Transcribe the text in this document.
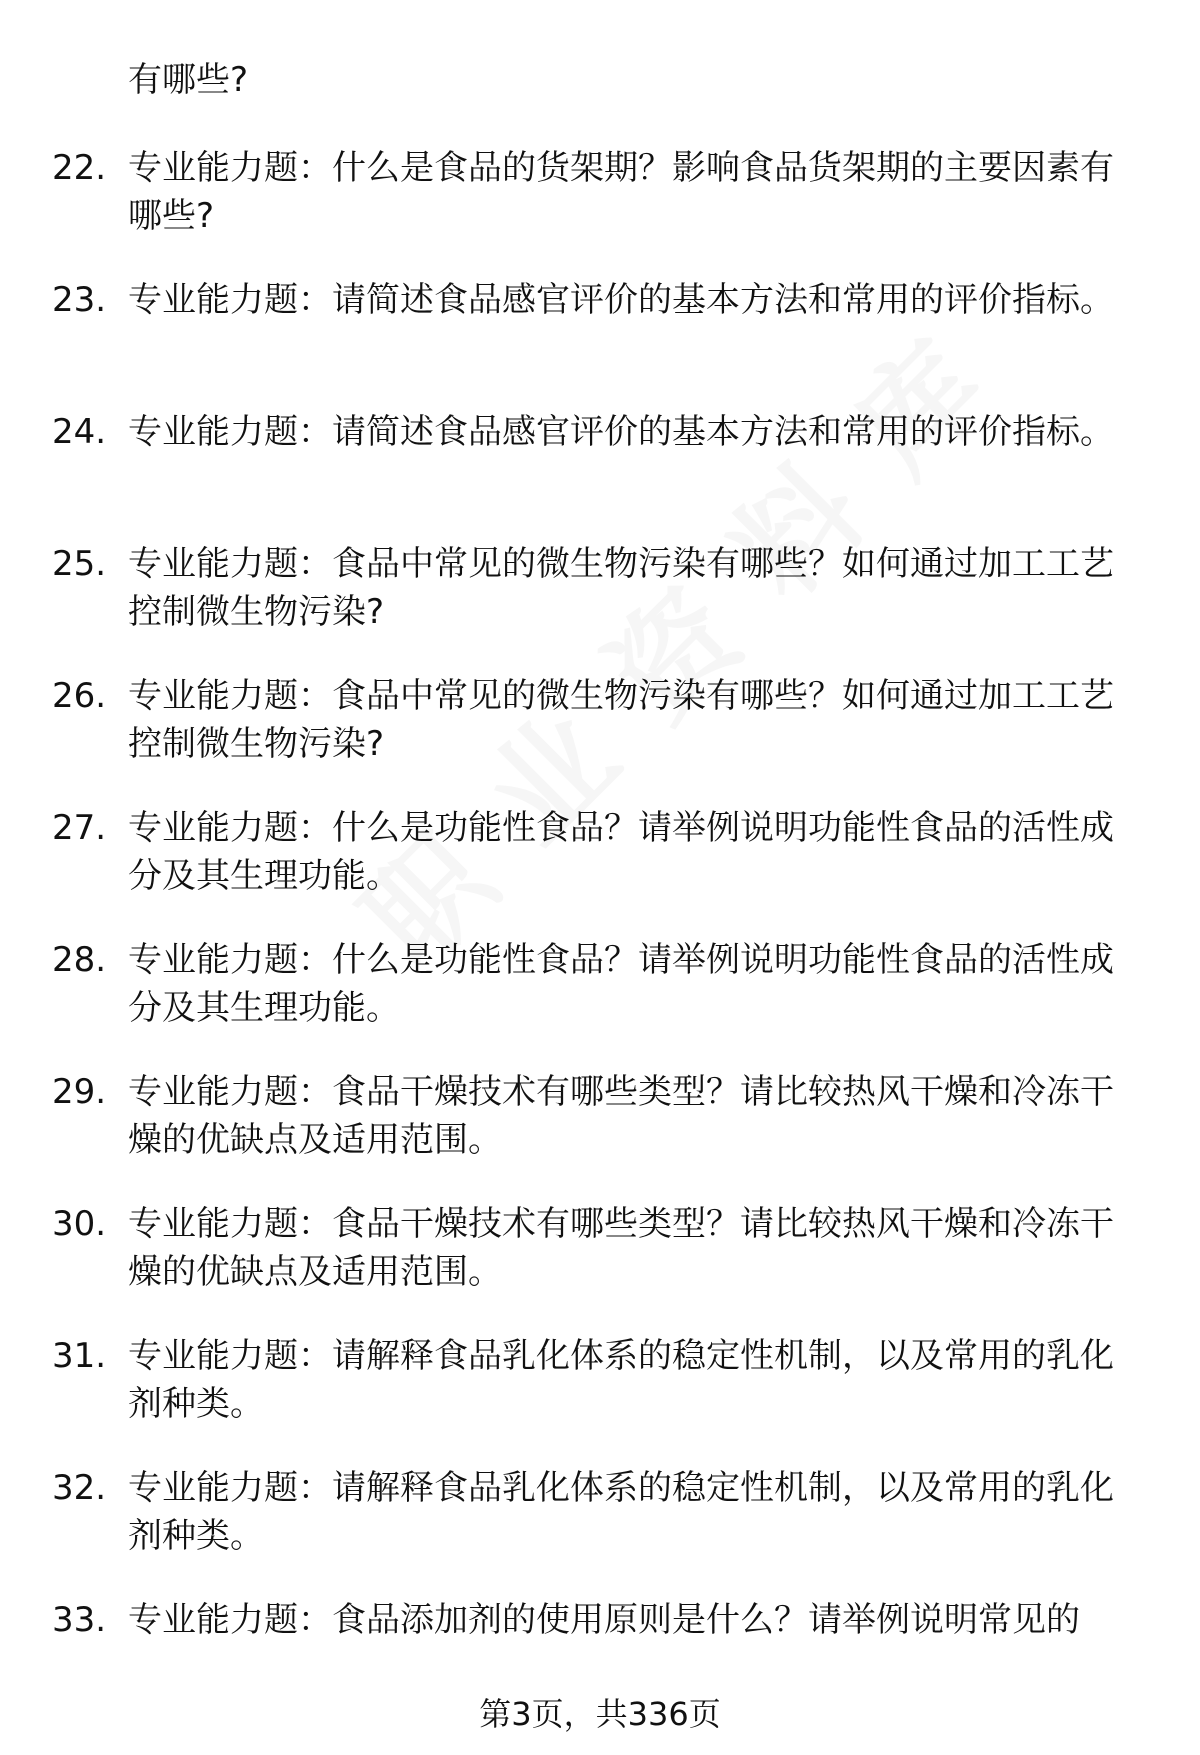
有哪些?
22. 专业能力题：什么是食品的货架期？影响食品货架期的主要因素有哪些?
23. 专业能力题：请简述食品感官评价的基本方法和常用的评价指标。
24. 专业能力题：请简述食品感官评价的基本方法和常用的评价指标。
25. 专业能力题：食品中常见的微生物污染有哪些？如何通过加工工艺控制微生物污染?
26. 专业能力题：食品中常见的微生物污染有哪些？如何通过加工工艺控制微生物污染?
27. 专业能力题：什么是功能性食品？请举例说明功能性食品的活性成分及其生理功能。
28. 专业能力题：什么是功能性食品？请举例说明功能性食品的活性成分及其生理功能。
29. 专业能力题：食品干燥技术有哪些类型？请比较热风干燥和冷冻干燥的优缺点及适用范围。
30. 专业能力题：食品干燥技术有哪些类型？请比较热风干燥和冷冻干燥的优缺点及适用范围。
31. 专业能力题：请解释食品乳化体系的稳定性机制，以及常用的乳化剂种类。
32. 专业能力题：请解释食品乳化体系的稳定性机制，以及常用的乳化剂种类。
33. 专业能力题：食品添加剂的使用原则是什么？请举例说明常见的
第3页，共336页
